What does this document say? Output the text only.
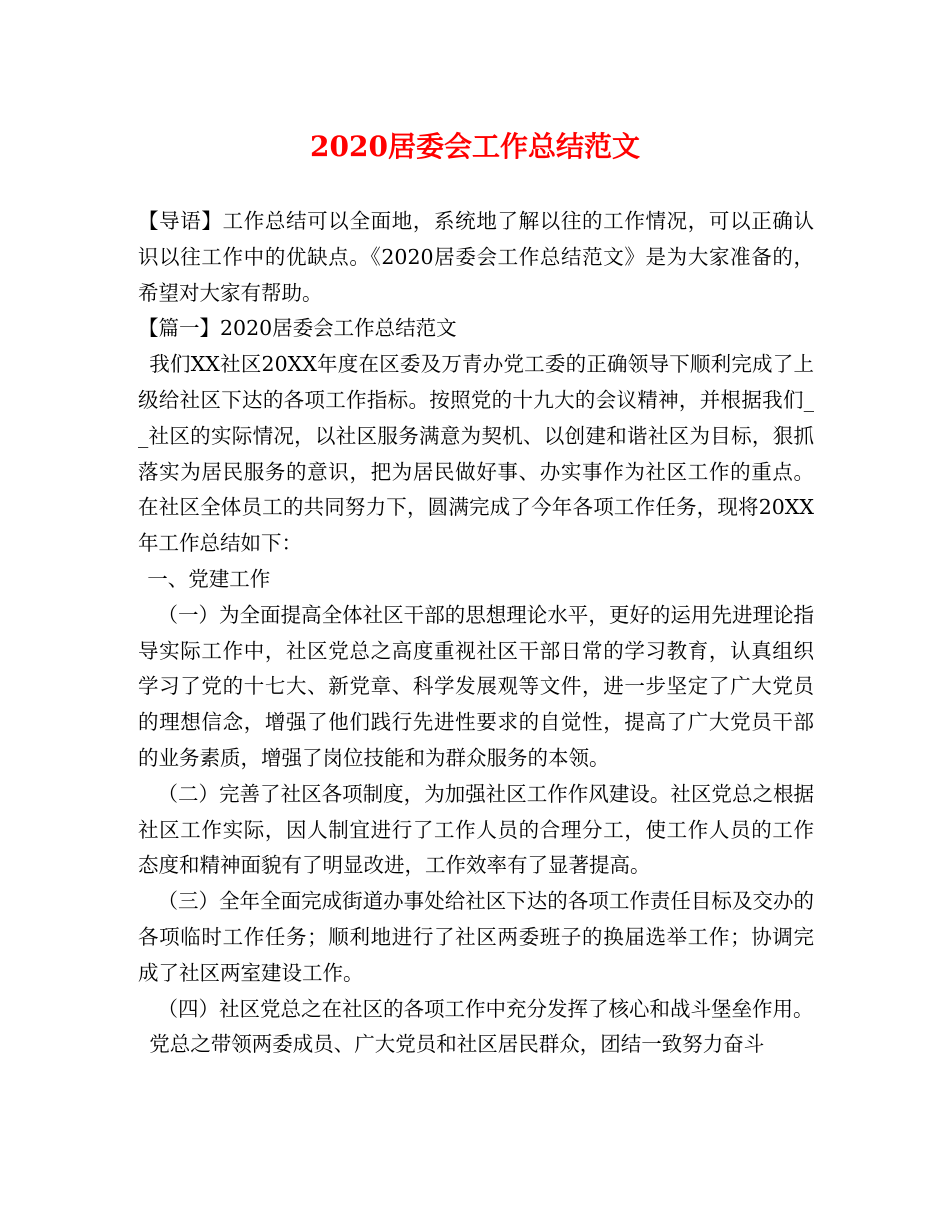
2020居委会工作总结范文

【导语】工作总结可以全面地，系统地了解以往的工作情况，可以正确认识以往工作中的优缺点。《2020居委会工作总结范文》是为大家准备的，希望对大家有帮助。

【篇一】2020居委会工作总结范文

我们XX社区20XX年度在区委及万青办党工委的正确领导下顺利完成了上级给社区下达的各项工作指标。按照党的十九大的会议精神，并根据我们__社区的实际情况，以社区服务满意为契机、以创建和谐社区为目标，狠抓落实为居民服务的意识，把为居民做好事、办实事作为社区工作的重点。在社区全体员工的共同努力下，圆满完成了今年各项工作任务，现将20XX年工作总结如下：

一、党建工作

（一）为全面提高全体社区干部的思想理论水平，更好的运用先进理论指导实际工作中，社区党总之高度重视社区干部日常的学习教育，认真组织学习了党的十七大、新党章、科学发展观等文件，进一步坚定了广大党员的理想信念，增强了他们践行先进性要求的自觉性，提高了广大党员干部的业务素质，增强了岗位技能和为群众服务的本领。

（二）完善了社区各项制度，为加强社区工作作风建设。社区党总之根据社区工作实际，因人制宜进行了工作人员的合理分工，使工作人员的工作态度和精神面貌有了明显改进，工作效率有了显著提高。

（三）全年全面完成街道办事处给社区下达的各项工作责任目标及交办的各项临时工作任务；顺利地进行了社区两委班子的换届选举工作；协调完成了社区两室建设工作。

（四）社区党总之在社区的各项工作中充分发挥了核心和战斗堡垒作用。

党总之带领两委成员、广大党员和社区居民群众，团结一致努力奋斗
